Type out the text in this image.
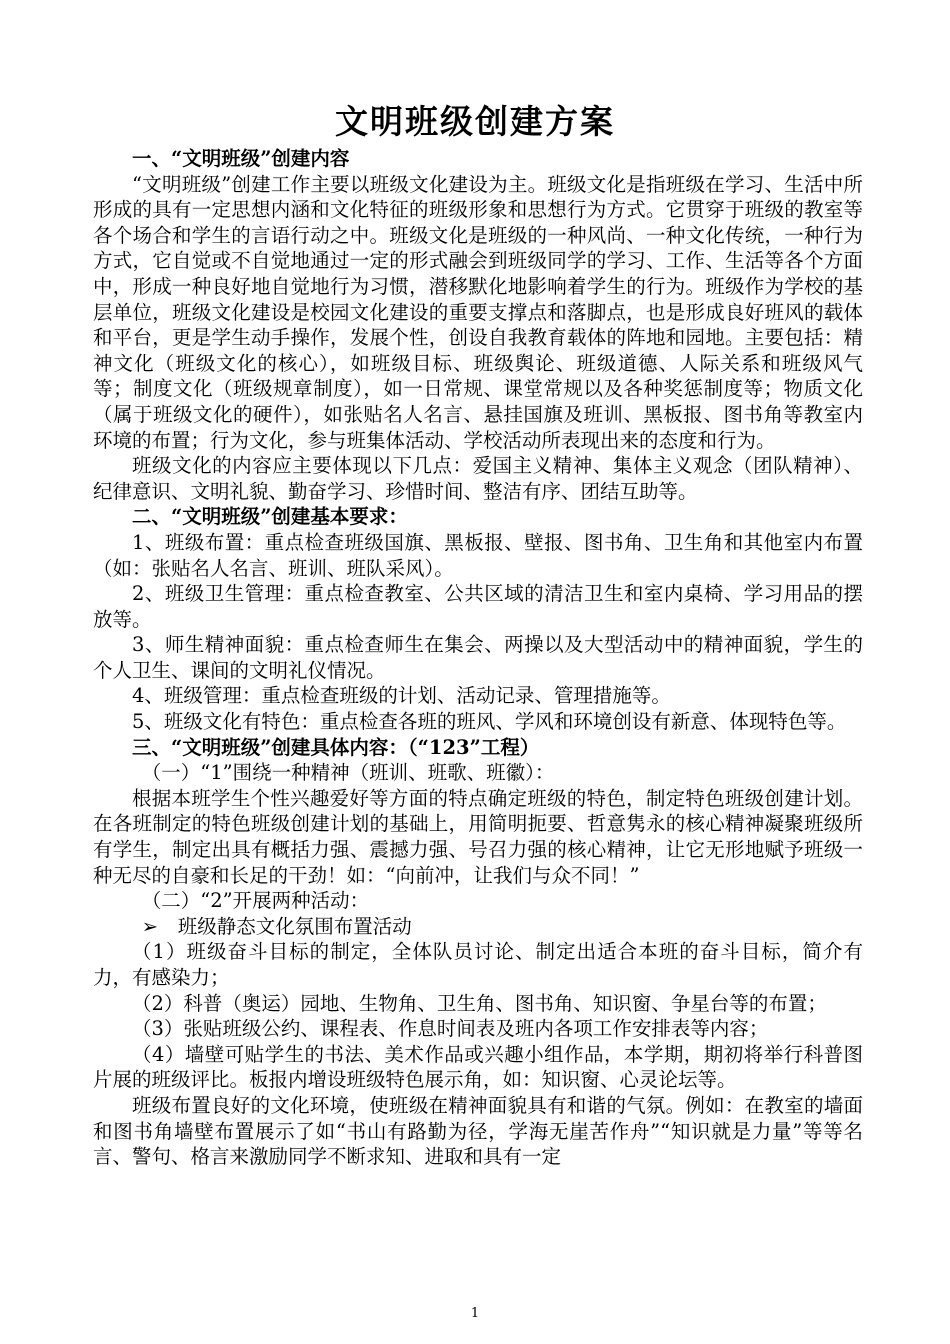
文明班级创建方案

一、“文明班级”创建内容

“文明班级”创建工作主要以班级文化建设为主。班级文化是指班级在学习、生活中所形成的具有一定思想内涵和文化特征的班级形象和思想行为方式。它贯穿于班级的教室等各个场合和学生的言语行动之中。班级文化是班级的一种风尚、一种文化传统，一种行为方式，它自觉或不自觉地通过一定的形式融会到班级同学的学习、工作、生活等各个方面中，形成一种良好地自觉地行为习惯，潜移默化地影响着学生的行为。班级作为学校的基层单位，班级文化建设是校园文化建设的重要支撑点和落脚点，也是形成良好班风的载体和平台，更是学生动手操作，发展个性，创设自我教育载体的阵地和园地。主要包括：精神文化（班级文化的核心），如班级目标、班级舆论、班级道德、人际关系和班级风气等；制度文化（班级规章制度），如一日常规、课堂常规以及各种奖惩制度等；物质文化（属于班级文化的硬件），如张贴名人名言、悬挂国旗及班训、黑板报、图书角等教室内环境的布置；行为文化，参与班集体活动、学校活动所表现出来的态度和行为。

班级文化的内容应主要体现以下几点：爱国主义精神、集体主义观念（团队精神）、纪律意识、文明礼貌、勤奋学习、珍惜时间、整洁有序、团结互助等。

二、“文明班级”创建基本要求：

1、班级布置：重点检查班级国旗、黑板报、壁报、图书角、卫生角和其他室内布置（如：张贴名人名言、班训、班队采风）。

2、班级卫生管理：重点检查教室、公共区域的清洁卫生和室内桌椅、学习用品的摆放等。

3、师生精神面貌：重点检查师生在集会、两操以及大型活动中的精神面貌，学生的个人卫生、课间的文明礼仪情况。

4、班级管理：重点检查班级的计划、活动记录、管理措施等。

5、班级文化有特色：重点检查各班的班风、学风和环境创设有新意、体现特色等。

三、“文明班级”创建具体内容：（“123”工程）

（一）“1”围绕一种精神（班训、班歌、班徽）：

根据本班学生个性兴趣爱好等方面的特点确定班级的特色，制定特色班级创建计划。在各班制定的特色班级创建计划的基础上，用简明扼要、哲意隽永的核心精神凝聚班级所有学生，制定出具有概括力强、震撼力强、号召力强的核心精神，让它无形地赋予班级一种无尽的自豪和长足的干劲！如：“向前冲，让我们与众不同！”

（二）“2”开展两种活动：

➢ 班级静态文化氛围布置活动

（1）班级奋斗目标的制定，全体队员讨论、制定出适合本班的奋斗目标，简介有力，有感染力；

（2）科普（奥运）园地、生物角、卫生角、图书角、知识窗、争星台等的布置；

（3）张贴班级公约、课程表、作息时间表及班内各项工作安排表等内容；

（4）墙壁可贴学生的书法、美术作品或兴趣小组作品，本学期，期初将举行科普图片展的班级评比。板报内增设班级特色展示角，如：知识窗、心灵论坛等。

班级布置良好的文化环境，使班级在精神面貌具有和谐的气氛。例如：在教室的墙面和图书角墙壁布置展示了如“书山有路勤为径，学海无崖苦作舟”“知识就是力量”等等名言、警句、格言来激励同学不断求知、进取和具有一定

1
